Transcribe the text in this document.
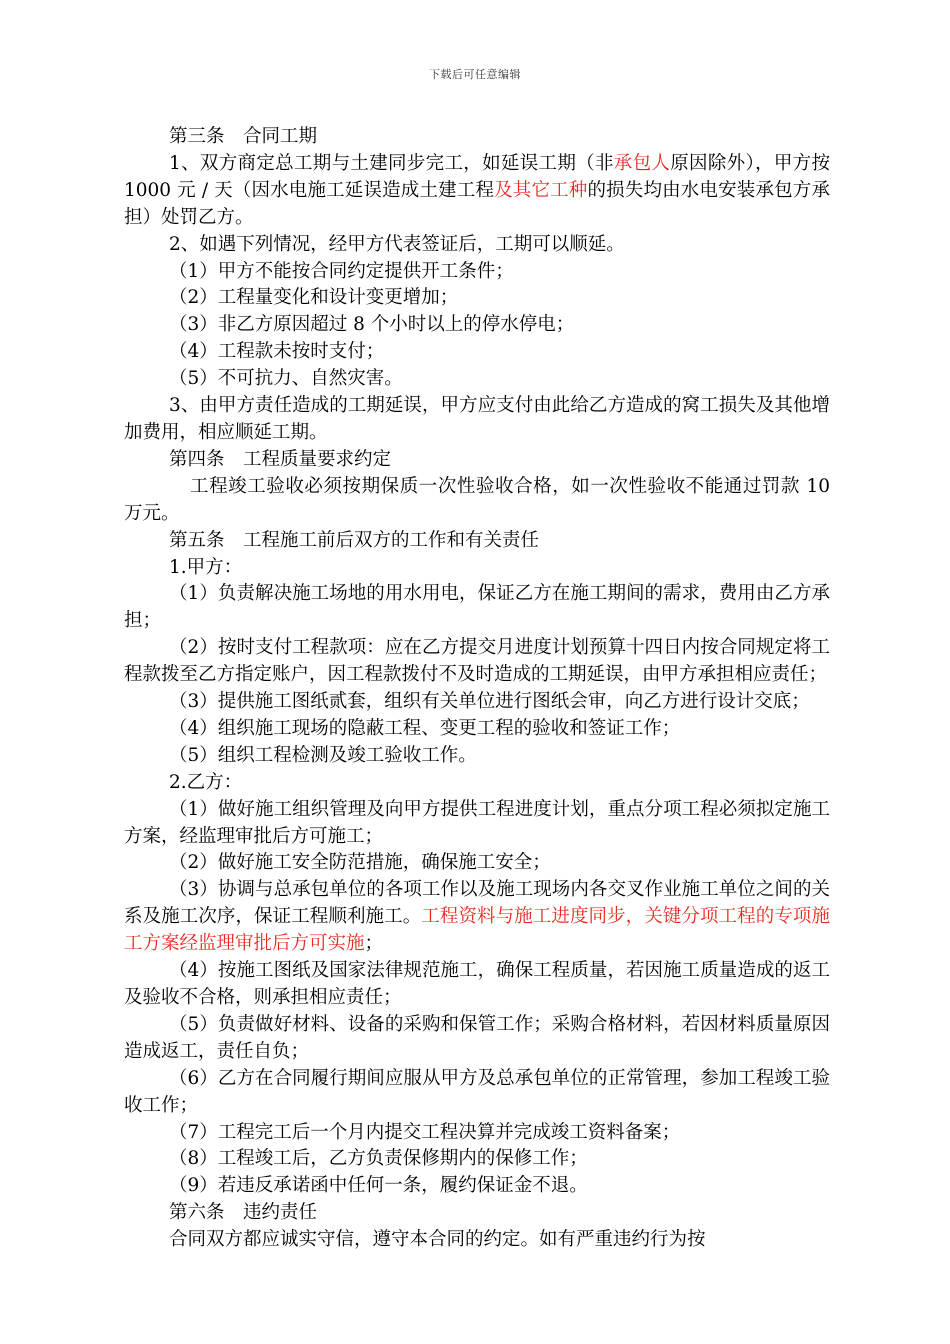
下载后可任意编辑

第三条　合同工期

1、双方商定总工期与土建同步完工，如延误工期（非承包人原因除外），甲方按 1000 元 / 天（因水电施工延误造成土建工程及其它工种的损失均由水电安装承包方承担）处罚乙方。

2、如遇下列情况，经甲方代表签证后，工期可以顺延。

（1）甲方不能按合同约定提供开工条件；

（2）工程量变化和设计变更增加；

（3）非乙方原因超过 8 个小时以上的停水停电；

（4）工程款未按时支付；

（5）不可抗力、自然灾害。

3、由甲方责任造成的工期延误，甲方应支付由此给乙方造成的窝工损失及其他增加费用，相应顺延工期。

第四条　工程质量要求约定

工程竣工验收必须按期保质一次性验收合格，如一次性验收不能通过罚款 10 万元。

第五条　工程施工前后双方的工作和有关责任

1.甲方：

（1）负责解决施工场地的用水用电，保证乙方在施工期间的需求，费用由乙方承担；

（2）按时支付工程款项：应在乙方提交月进度计划预算十四日内按合同规定将工程款拨至乙方指定账户，因工程款拨付不及时造成的工期延误，由甲方承担相应责任；

（3）提供施工图纸贰套，组织有关单位进行图纸会审，向乙方进行设计交底；

（4）组织施工现场的隐蔽工程、变更工程的验收和签证工作；

（5）组织工程检测及竣工验收工作。

2.乙方：

（1）做好施工组织管理及向甲方提供工程进度计划，重点分项工程必须拟定施工方案，经监理审批后方可施工；

（2）做好施工安全防范措施，确保施工安全；

（3）协调与总承包单位的各项工作以及施工现场内各交叉作业施工单位之间的关系及施工次序，保证工程顺利施工。工程资料与施工进度同步，关键分项工程的专项施工方案经监理审批后方可实施；

（4）按施工图纸及国家法律规范施工，确保工程质量，若因施工质量造成的返工及验收不合格，则承担相应责任；

（5）负责做好材料、设备的采购和保管工作；采购合格材料，若因材料质量原因造成返工，责任自负；

（6）乙方在合同履行期间应服从甲方及总承包单位的正常管理，参加工程竣工验收工作；

（7）工程完工后一个月内提交工程决算并完成竣工资料备案；

（8）工程竣工后，乙方负责保修期内的保修工作；

（9）若违反承诺函中任何一条，履约保证金不退。

第六条　违约责任

合同双方都应诚实守信，遵守本合同的约定。如有严重违约行为按
